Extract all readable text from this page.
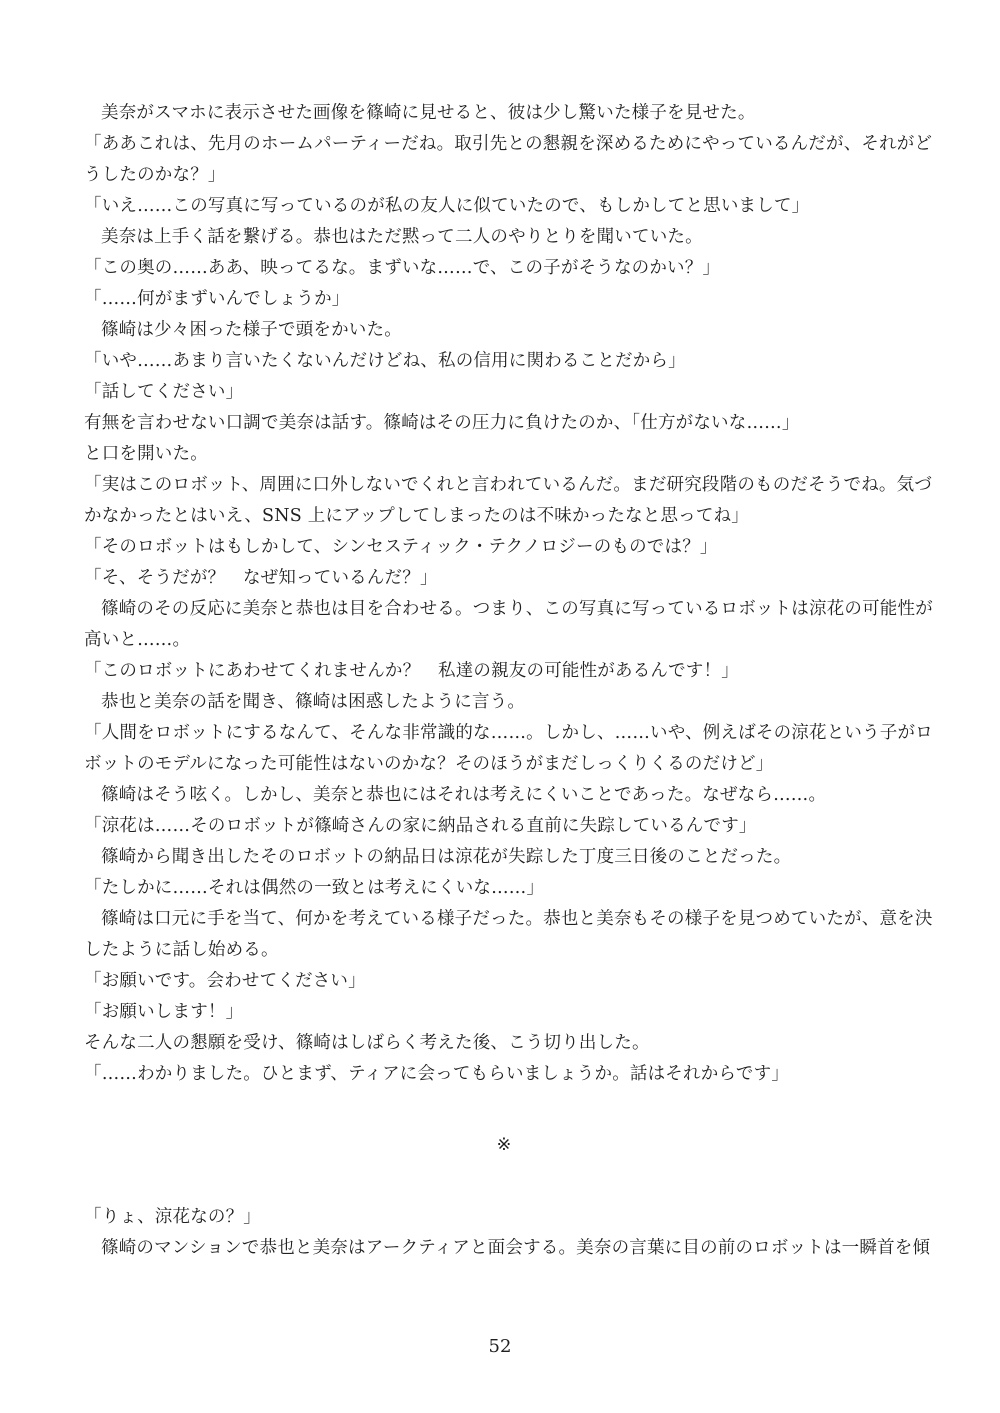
美奈がスマホに表示させた画像を篠崎に見せると、彼は少し驚いた様子を見せた。
「ああこれは、先月のホームパーティーだね。取引先との懇親を深めるためにやっているんだが、それがど
うしたのかな？」
「いえ……この写真に写っているのが私の友人に似ていたので、もしかしてと思いまして」
美奈は上手く話を繋げる。恭也はただ黙って二人のやりとりを聞いていた。
「この奥の……ああ、映ってるな。まずいな……で、この子がそうなのかい？」
「……何がまずいんでしょうか」
篠崎は少々困った様子で頭をかいた。
「いや……あまり言いたくないんだけどね、私の信用に関わることだから」
「話してください」
有無を言わせない口調で美奈は話す。篠崎はその圧力に負けたのか、「仕方がないな……」
と口を開いた。
「実はこのロボット、周囲に口外しないでくれと言われているんだ。まだ研究段階のものだそうでね。気づ
かなかったとはいえ、SNS 上にアップしてしまったのは不味かったなと思ってね」
「そのロボットはもしかして、シンセスティック・テクノロジーのものでは？」
「そ、そうだが？　なぜ知っているんだ？」
篠崎のその反応に美奈と恭也は目を合わせる。つまり、この写真に写っているロボットは涼花の可能性が
高いと……。
「このロボットにあわせてくれませんか？　私達の親友の可能性があるんです！」
恭也と美奈の話を聞き、篠崎は困惑したように言う。
「人間をロボットにするなんて、そんな非常識的な……。しかし、……いや、例えばその涼花という子がロ
ボットのモデルになった可能性はないのかな？そのほうがまだしっくりくるのだけど」
篠崎はそう呟く。しかし、美奈と恭也にはそれは考えにくいことであった。なぜなら……。
「涼花は……そのロボットが篠崎さんの家に納品される直前に失踪しているんです」
篠崎から聞き出したそのロボットの納品日は涼花が失踪した丁度三日後のことだった。
「たしかに……それは偶然の一致とは考えにくいな……」
篠崎は口元に手を当て、何かを考えている様子だった。恭也と美奈もその様子を見つめていたが、意を決
したように話し始める。
「お願いです。会わせてください」
「お願いします！」
そんな二人の懇願を受け、篠崎はしばらく考えた後、こう切り出した。
「……わかりました。ひとまず、ティアに会ってもらいましょうか。話はそれからです」
※
「りょ、涼花なの？」
篠崎のマンションで恭也と美奈はアークティアと面会する。美奈の言葉に目の前のロボットは一瞬首を傾
52
